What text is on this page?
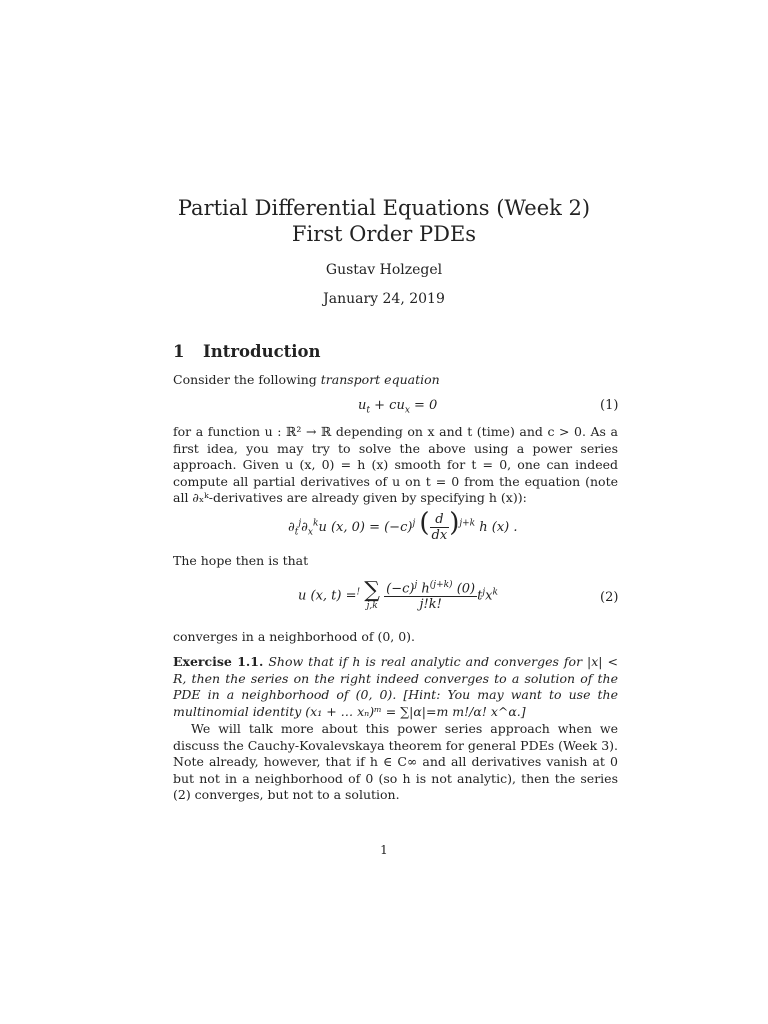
Partial Differential Equations (Week 2)
First Order PDEs
Gustav Holzegel
January 24, 2019
1 Introduction
Consider the following transport equation
$u_t + cu_x = 0$	(1)
for a function u : ℝ² → ℝ depending on x and t (time) and c > 0. As a first idea, you may try to solve the above using a power series approach. Given u (x, 0) = h (x) smooth for t = 0, one can indeed compute all partial derivatives of u on t = 0 from the equation (note all ∂ₓᵏ-derivatives are already given by specifying h (x)):
$\partial_t^j\partial_x^ku$ (x, $0) = (-c)^j$ ( $\frac{d}{dx} )^{j+k}$ h (x) .
The hope then is that
u (x, t) =! ∑
j,k
$\frac{(-c)^j h^{(j+k)} (0)}{j!k!} t^jx^k$	(2)
converges in a neighborhood of (0, 0).
Exercise 1.1. Show that if h is real analytic and converges for |x| < R, then the series on the right indeed converges to a solution of the PDE in a neighborhood of (0, 0). [Hint: You may want to use the multinomial identity (x₁ + … xₙ)ᵐ = ∑|α|=m m!/α! x^α.]
We will talk more about this power series approach when we discuss the Cauchy-Kovalevskaya theorem for general PDEs (Week 3). Note already, however, that if h ∈ C∞ and all derivatives vanish at 0 but not in a neighborhood of 0 (so h is not analytic), then the series (2) converges, but not to a solution.
1
